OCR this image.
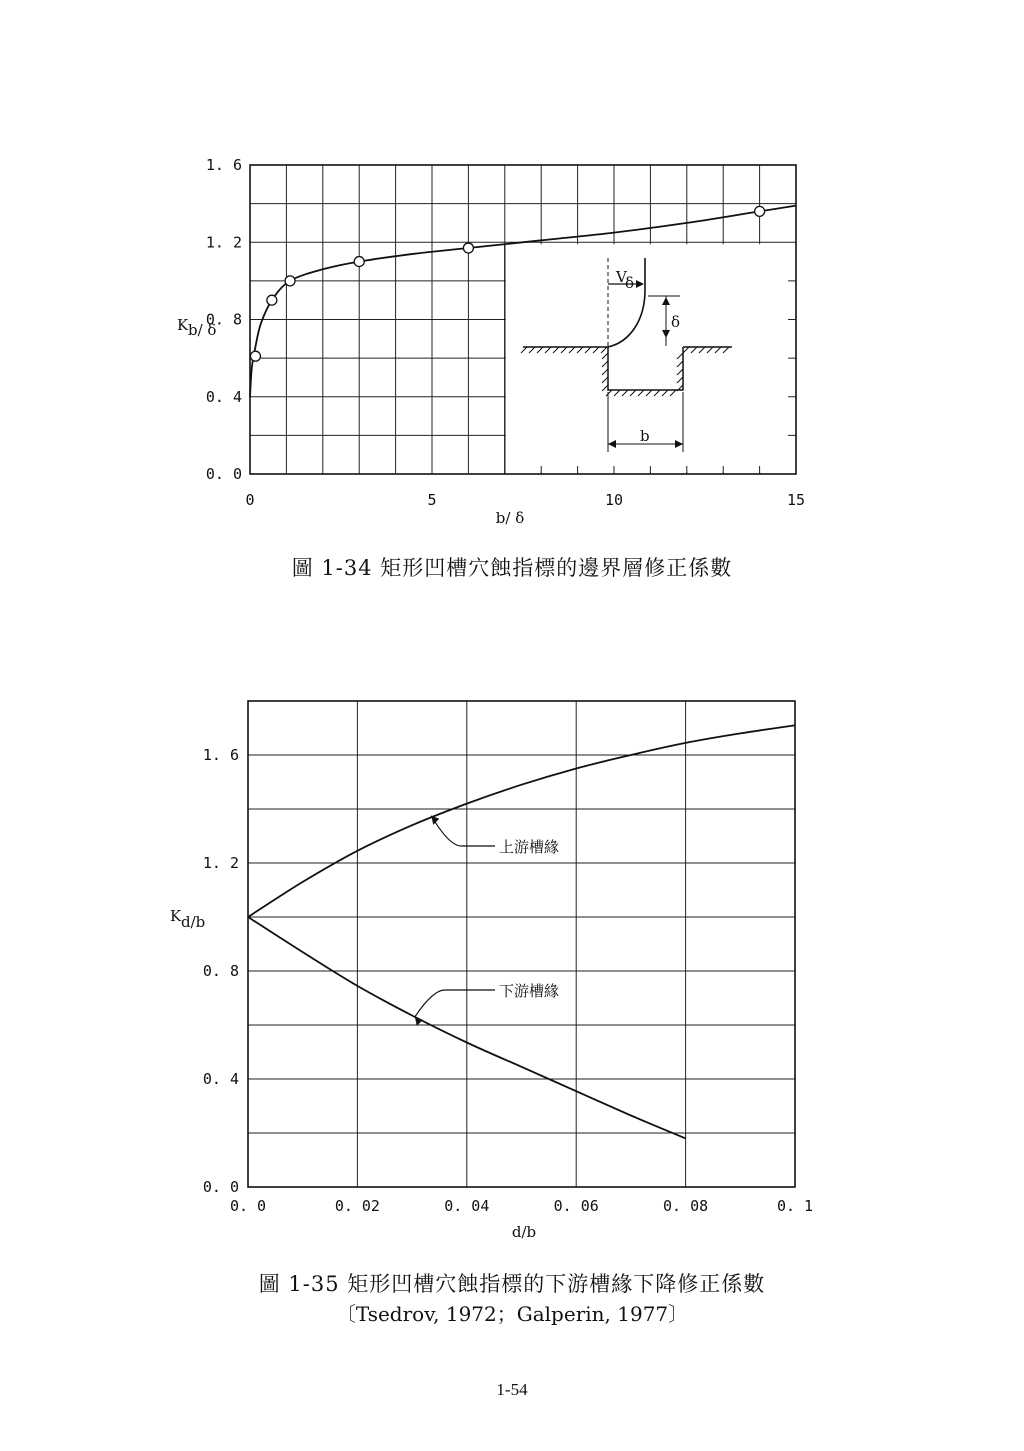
V
δ
δ
b
0. 0
0. 4
0. 8
1. 2
1. 6
0	5	10	15
b/ δ
K b/ δ
上游槽緣
下游槽緣
0. 0
0. 4
0. 8
1. 2
1. 6
0. 0	0. 02	0. 04	0. 06	0. 08	0. 1
d/b
K d/b
圖 1-34 矩形凹槽穴蝕指標的邊界層修正係數
圖 1-35 矩形凹槽穴蝕指標的下游槽緣下降修正係數
〔Tsedrov, 1972；Galperin, 1977〕
1-54
